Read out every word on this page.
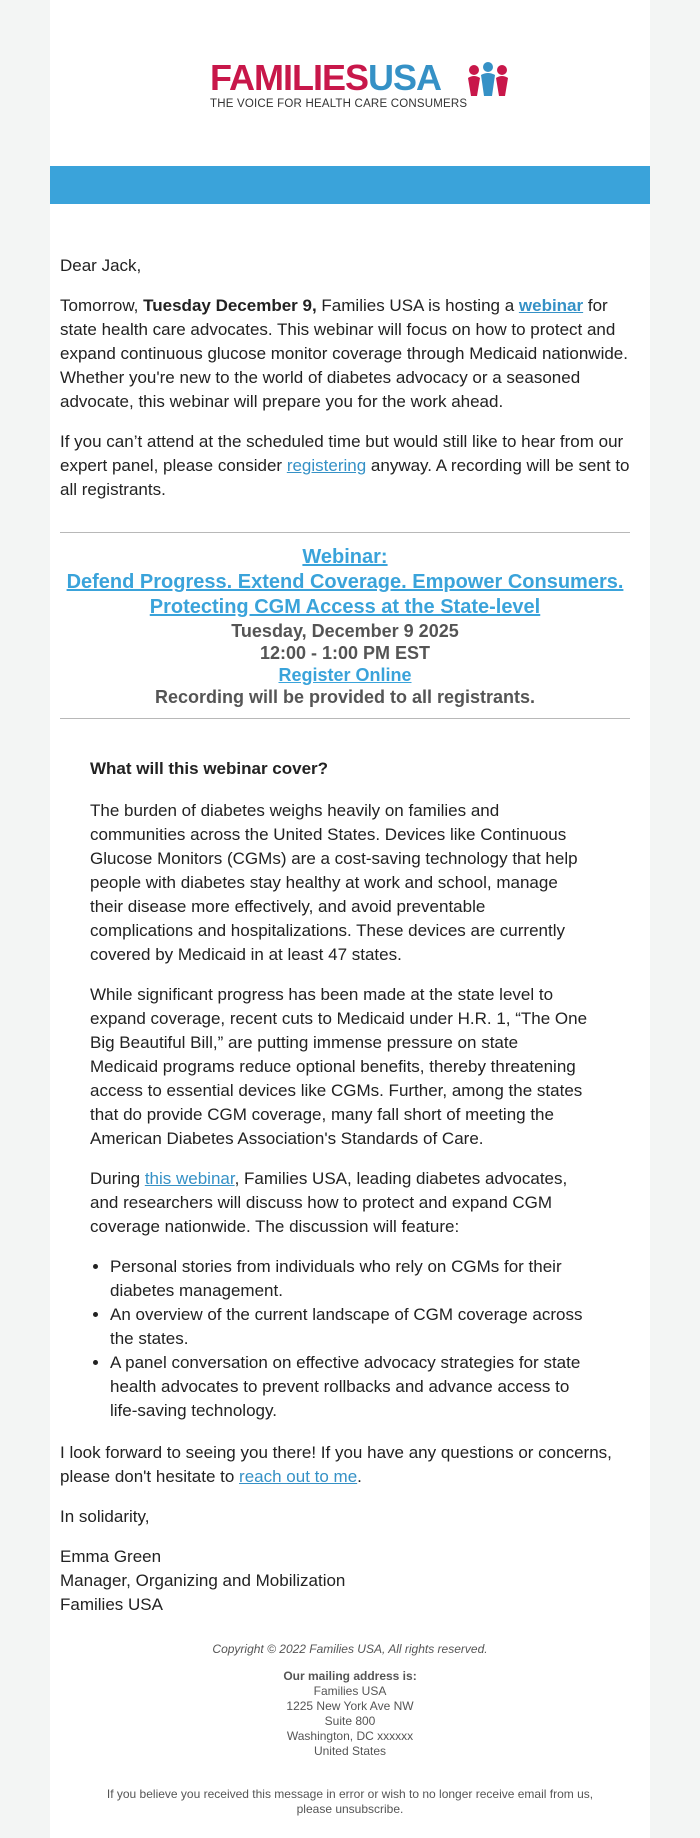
FAMILIESUSA
THE VOICE FOR HEALTH CARE CONSUMERS

Dear Jack,

Tomorrow, Tuesday December 9, Families USA is hosting a webinar for state health care advocates. This webinar will focus on how to protect and expand continuous glucose monitor coverage through Medicaid nationwide. Whether you're new to the world of diabetes advocacy or a seasoned advocate, this webinar will prepare you for the work ahead.

If you can’t attend at the scheduled time but would still like to hear from our expert panel, please consider registering anyway. A recording will be sent to all registrants.

Webinar:
Defend Progress. Extend Coverage. Empower Consumers.
Protecting CGM Access at the State-level
Tuesday, December 9 2025
12:00 - 1:00 PM EST
Register Online
Recording will be provided to all registrants.
What will this webinar cover?

The burden of diabetes weighs heavily on families and communities across the United States. Devices like Continuous Glucose Monitors (CGMs) are a cost-saving technology that help people with diabetes stay healthy at work and school, manage their disease more effectively, and avoid preventable complications and hospitalizations. These devices are currently covered by Medicaid in at least 47 states.

While significant progress has been made at the state level to expand coverage, recent cuts to Medicaid under H.R. 1, “The One Big Beautiful Bill,” are putting immense pressure on state Medicaid programs reduce optional benefits, thereby threatening access to essential devices like CGMs. Further, among the states that do provide CGM coverage, many fall short of meeting the American Diabetes Association's Standards of Care.

During this webinar, Families USA, leading diabetes advocates, and researchers will discuss how to protect and expand CGM coverage nationwide. The discussion will feature:

• Personal stories from individuals who rely on CGMs for their diabetes management.
• An overview of the current landscape of CGM coverage across the states.
• A panel conversation on effective advocacy strategies for state health advocates to prevent rollbacks and advance access to life-saving technology.

I look forward to seeing you there! If you have any questions or concerns, please don't hesitate to reach out to me.

In solidarity,

Emma Green
Manager, Organizing and Mobilization
Families USA
Copyright © 2022 Families USA, All rights reserved.
Our mailing address is:
Families USA
1225 New York Ave NW
Suite 800
Washington, DC xxxxxx
United States
If you believe you received this message in error or wish to no longer receive email from us, please unsubscribe.
